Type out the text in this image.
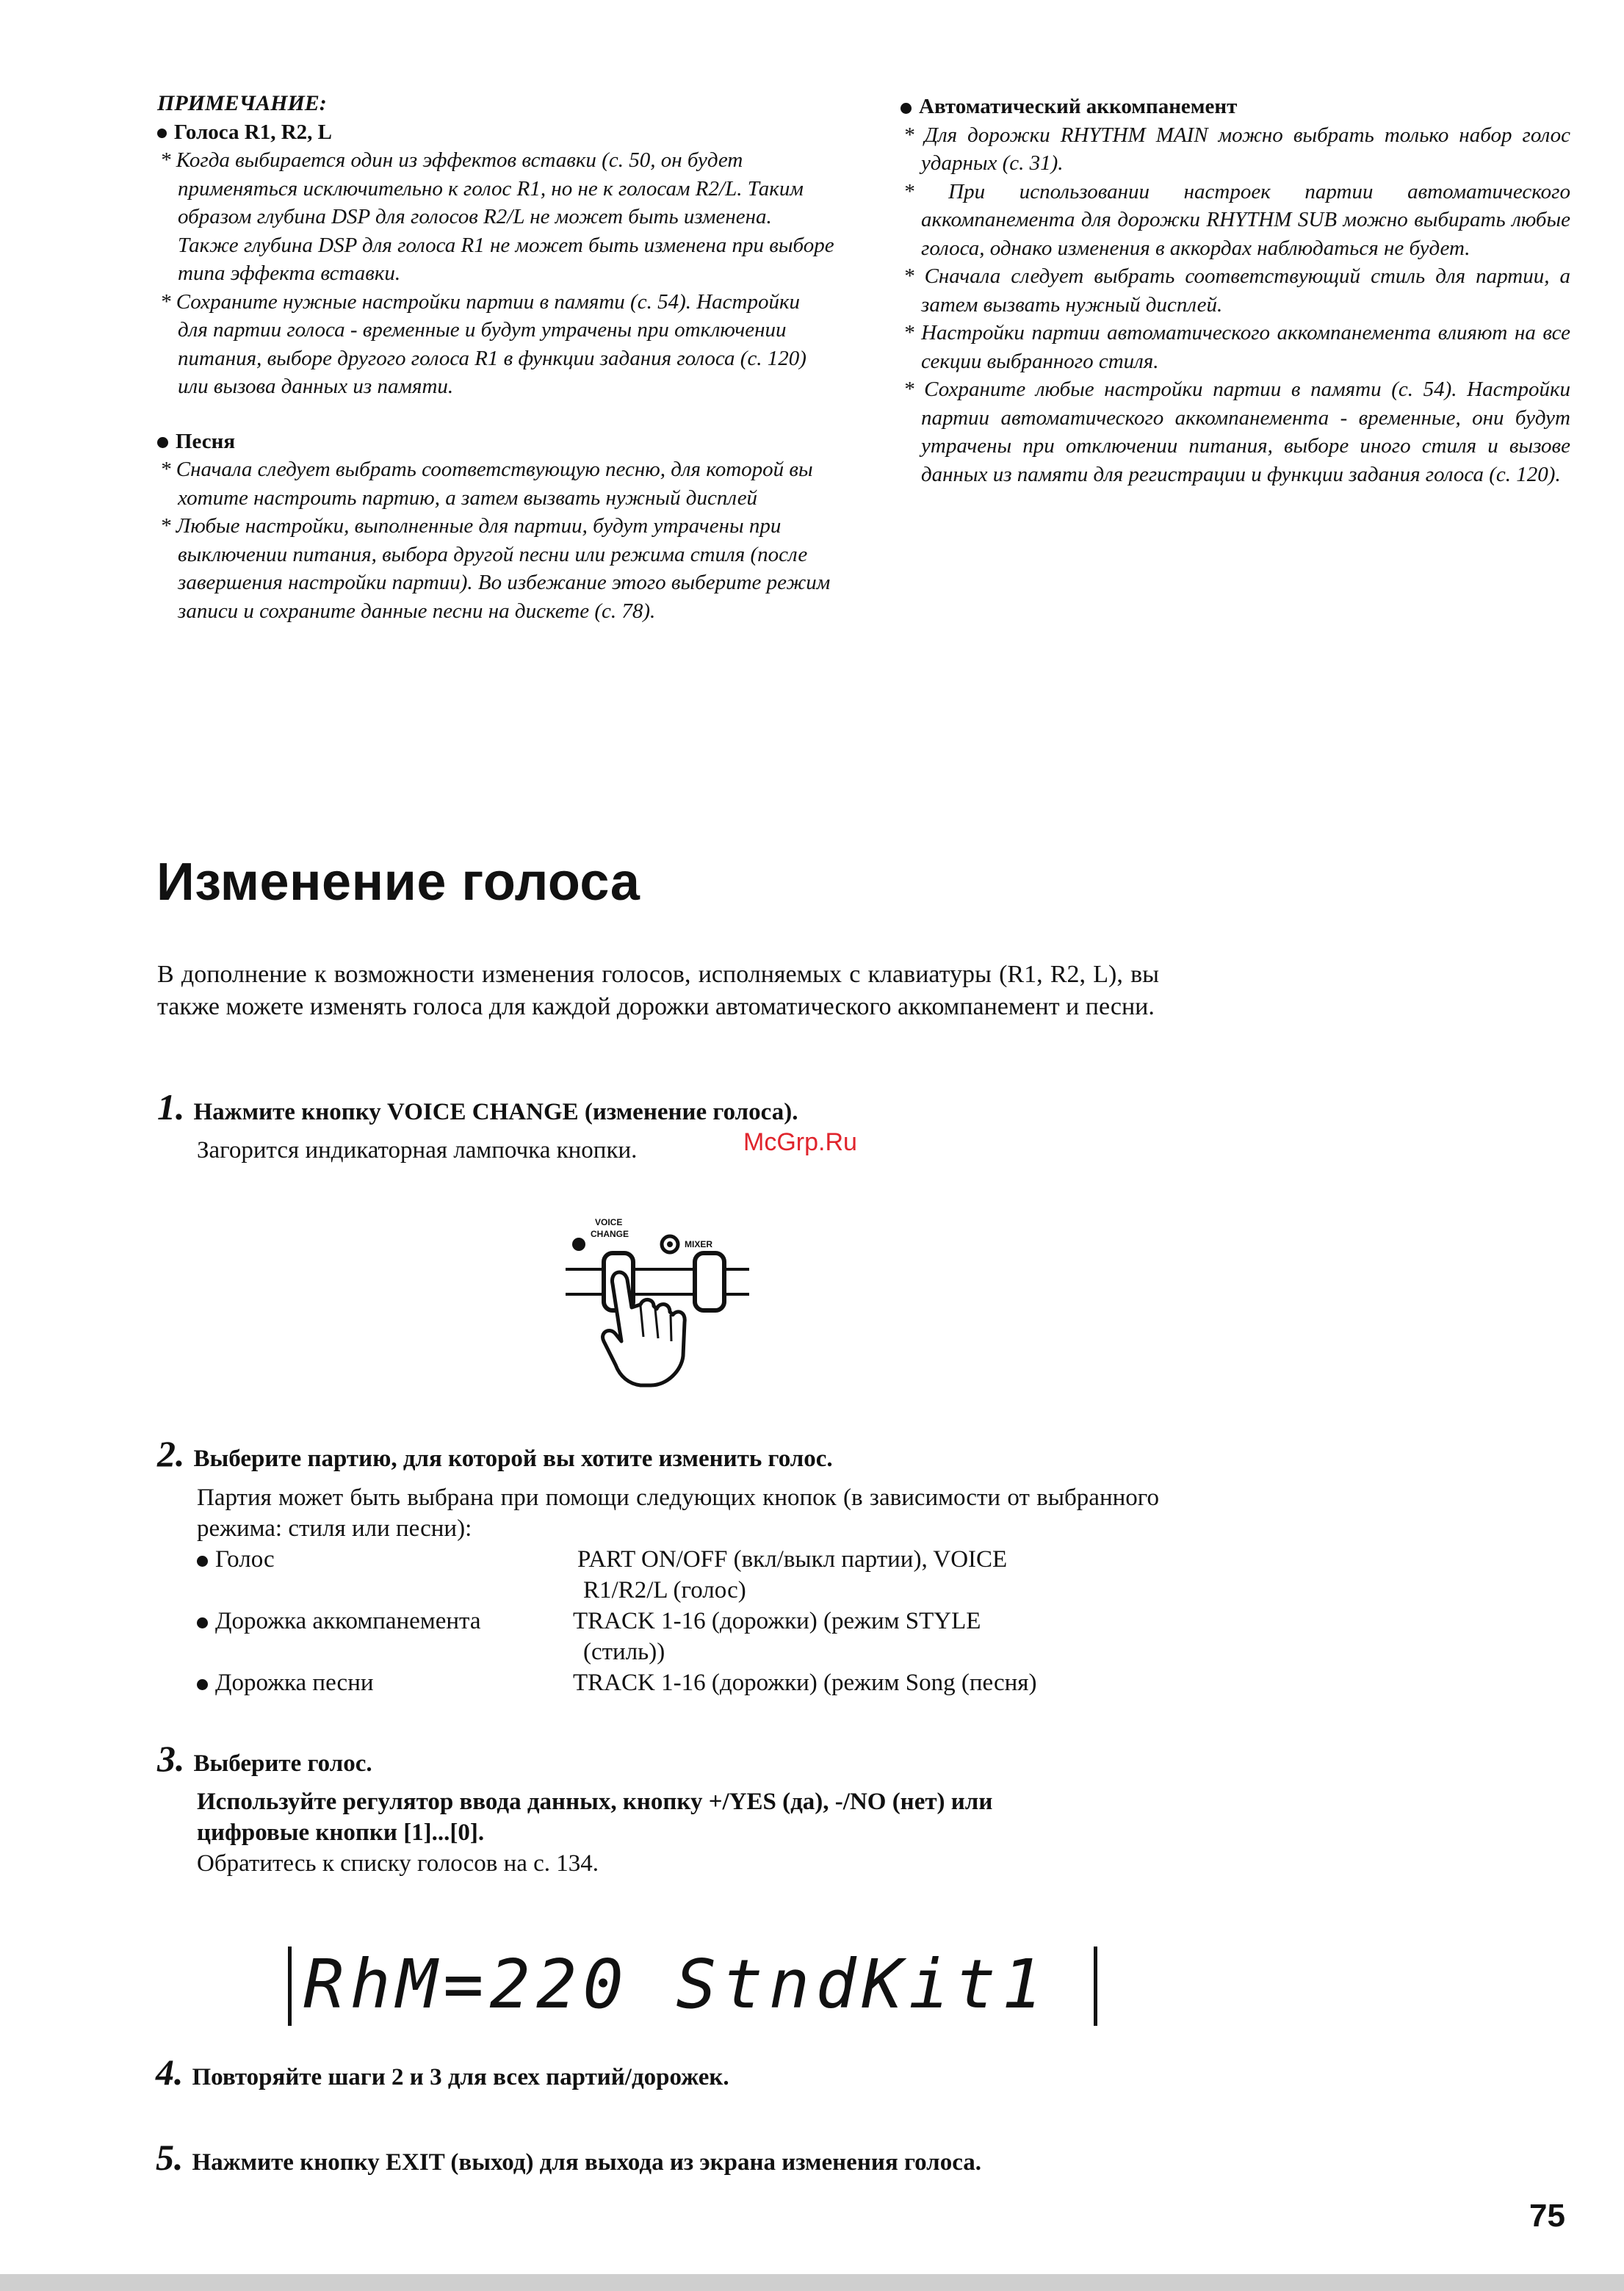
ПРИМЕЧАНИЕ:
Голоса R1, R2, L

* Когда выбирается один из эффектов вставки (с. 50, он будет применяться исключительно к голос R1, но не к голосам R2/L. Таким образом глубина DSP для голосов R2/L не может быть изменена. Также глубина DSP для голоса R1 не может быть изменена при выборе типа эффекта вставки.

* Сохраните нужные настройки партии в памяти (с. 54). Настройки для партии голоса - временные и будут утрачены при отключении питания, выборе другого голоса R1 в функции задания голоса (с. 120) или вызова данных из памяти.

Песня

* Сначала следует выбрать соответствующую песню, для которой вы хотите настроить партию, а затем вызвать нужный дисплей

* Любые настройки, выполненные для партии, будут утрачены при выключении питания, выбора другой песни или режима стиля (после завершения настройки партии). Во избежание этого выберите режим записи и сохраните данные песни на дискете (с. 78).

Автоматический аккомпанемент

* Для дорожки RHYTHM MAIN можно выбрать только набор голос ударных (с. 31).

* При использовании настроек партии автоматического аккомпанемента для дорожки RHYTHM SUB можно выбирать любые голоса, однако изменения в аккордах наблюдаться не будет.

* Сначала следует выбрать соответствующий стиль для партии, а затем вызвать нужный дисплей.

* Настройки партии автоматического аккомпанемента влияют на все секции выбранного стиля.

* Сохраните любые настройки партии в памяти (с. 54). Настройки партии автоматического аккомпанемента - временные, они будут утрачены при отключении питания, выборе иного стиля и вызове данных из памяти для регистрации и функции задания голоса (с. 120).

Изменение голоса
В дополнение к возможности изменения голосов, исполняемых с клавиатуры (R1, R2, L), вы также можете изменять голоса для каждой дорожки автоматического аккомпанемент и песни.
1. Нажмите кнопку VOICE CHANGE (изменение голоса).
Загорится индикаторная лампочка кнопки.	McGrp.Ru
VOICE
CHANGE
MIXER
2. Выберите партию, для которой вы хотите изменить голос.
Партия может быть выбрана при помощи следующих кнопок (в зависимости от выбранного режима: стиля или песни):
Голос	PART ON/OFF (вкл/выкл партии), VOICE
R1/R2/L (голос)
Дорожка аккомпанемента	TRACK 1-16 (дорожки) (режим STYLE
(стиль))
Дорожка песни	TRACK 1-16 (дорожки) (режим Song (песня)
3. Выберите голос.
Используйте регулятор ввода данных, кнопку +/YES (да), -/NO (нет) или
цифровые кнопки [1]...[0].
Обратитесь к списку голосов на с. 134.
RhM=220 StndKit1
4. Повторяйте шаги 2 и 3 для всех партий/дорожек.
5. Нажмите кнопку EXIT (выход) для выхода из экрана изменения голоса.
75
